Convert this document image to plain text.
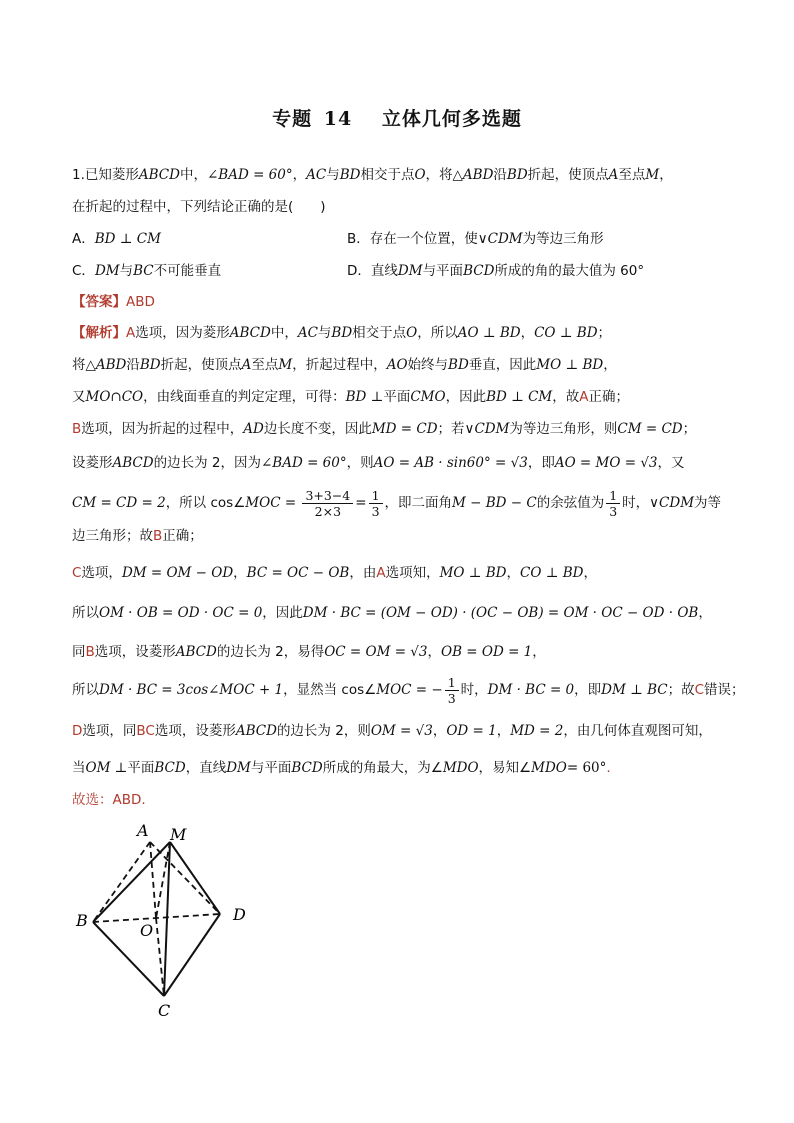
专题 14 立体几何多选题
1.已知菱形ABCD中，∠BAD = 60°，AC与BD相交于点O，将△ABD沿BD折起，使顶点A至点M，
在折起的过程中，下列结论正确的是(　　)
A．BD ⊥ CM	B．存在一个位置，使∨CDM为等边三角形
C．DM与BC不可能垂直	D．直线DM与平面BCD所成的角的最大值为 60°
【答案】ABD
【解析】A选项，因为菱形ABCD中，AC与BD相交于点O，所以AO ⊥ BD，CO ⊥ BD；
将△ABD沿BD折起，使顶点A至点M，折起过程中，AO始终与BD垂直，因此MO ⊥ BD，
又MO∩CO，由线面垂直的判定定理，可得：BD ⊥平面CMO，因此BD ⊥ CM，故A正确；
B选项，因为折起的过程中，AD边长度不变，因此MD = CD；若∨CDM为等边三角形，则CM = CD；
设菱形ABCD的边长为 2，因为∠BAD = 60°，则AO = AB · sin60° = √3，即AO = MO = √3，又
CM = CD = 2，所以 cos∠MOC = $\frac{3+3-4}{2\times 3} = \frac{1}{3}$ ，即二面角M − BD − C的余弦值为 $\frac{1}{3}$ 时，∨CDM为等
边三角形；故B正确；
C选项，DM = OM − OD，BC = OC − OB，由A选项知，MO ⊥ BD，CO ⊥ BD，
所以OM · OB = OD · OC = 0，因此DM · BC = (OM − OD) · (OC − OB) = OM · OC − OD · OB，
同B选项，设菱形ABCD的边长为 2，易得OC = OM = √3，OB = OD = 1，
所以DM · BC = 3cos∠MOC + 1，显然当 cos∠MOC = − $\frac{1}{3}$ 时，DM · BC = 0，即DM ⊥ BC；故C错误；
D选项，同BC选项，设菱形ABCD的边长为 2，则OM = √3，OD = 1，MD = 2，由几何体直观图可知，
当OM ⊥平面BCD，直线DM与平面BCD所成的角最大，为∠MDO，易知∠MDO= 60°.
故选：ABD.
A M
B
O
D
C
